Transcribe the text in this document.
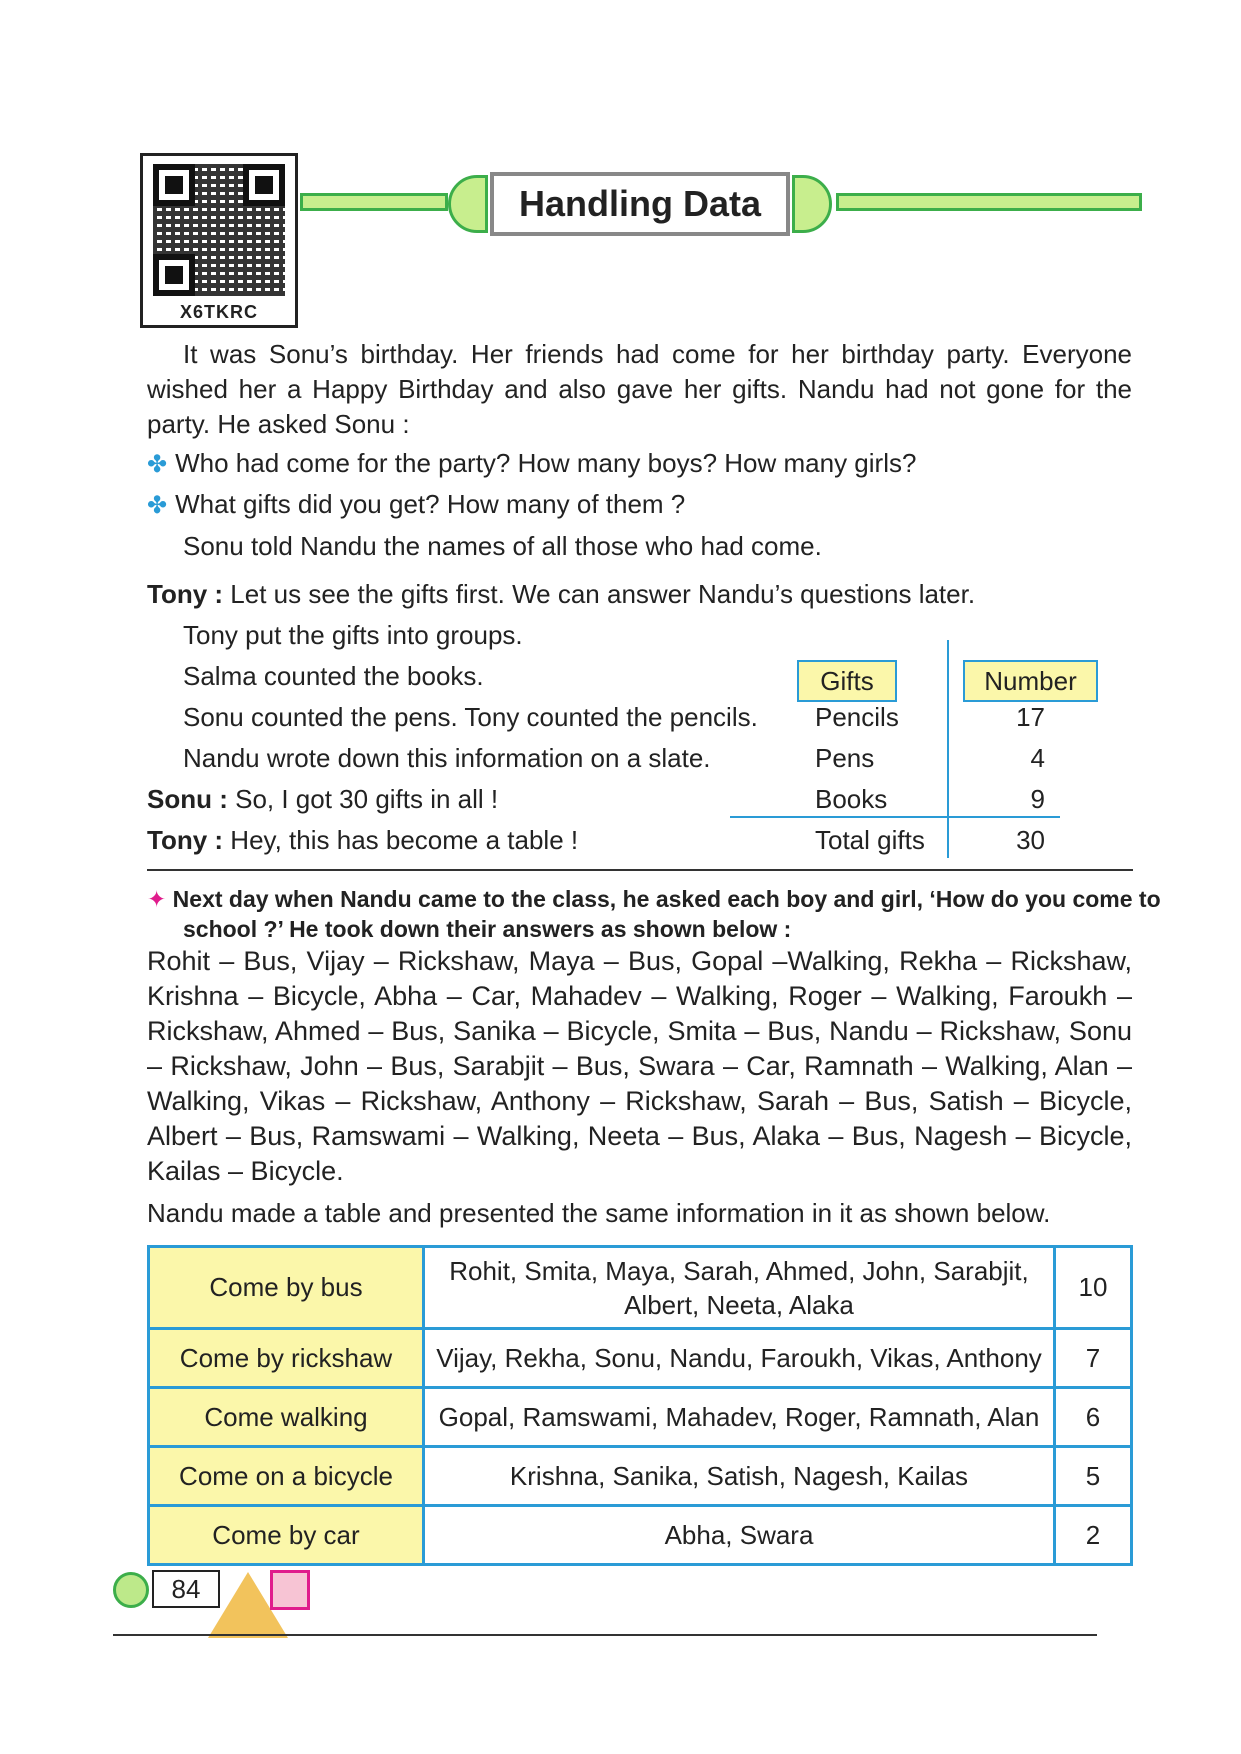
X6TKRC
Handling Data
It was Sonu’s birthday. Her friends had come for her birthday party. Everyone wished her a Happy Birthday and also gave her gifts. Nandu had not gone for the party. He asked Sonu :
✤ Who had come for the party? How many boys? How many girls?
✤ What gifts did you get? How many of them ?
Sonu told Nandu the names of all those who had come.
Tony : Let us see the gifts first. We can answer Nandu’s questions later.
Tony put the gifts into groups.
Salma counted the books.
Sonu counted the pens. Tony counted the pencils.
Nandu wrote down this information on a slate.
Sonu : So, I got 30 gifts in all !
Tony : Hey, this has become a table !
Gifts	Number
Pencils	17
Pens	4
Books	9
Total gifts	30
✦ Next day when Nandu came to the class, he asked each boy and girl, ‘How do you come to
school ?’ He took down their answers as shown below :
Rohit – Bus, Vijay – Rickshaw, Maya – Bus, Gopal –Walking, Rekha – Rickshaw, Krishna – Bicycle, Abha – Car, Mahadev – Walking, Roger – Walking, Faroukh – Rickshaw, Ahmed – Bus, Sanika – Bicycle, Smita – Bus, Nandu – Rickshaw, Sonu – Rickshaw, John – Bus, Sarabjit – Bus, Swara – Car, Ramnath – Walking, Alan – Walking, Vikas – Rickshaw, Anthony – Rickshaw, Sarah – Bus, Satish – Bicycle, Albert – Bus, Ramswami – Walking, Neeta – Bus, Alaka – Bus, Nagesh – Bicycle, Kailas – Bicycle.
Nandu made a table and presented the same information in it as shown below.
Come by bus	Rohit, Smita, Maya, Sarah, Ahmed, John, Sarabjit,
Albert, Neeta, Alaka	10
Come by rickshaw	Vijay, Rekha, Sonu, Nandu, Faroukh, Vikas, Anthony	7
Come walking	Gopal, Ramswami, Mahadev, Roger, Ramnath, Alan	6
Come on a bicycle	Krishna, Sanika, Satish, Nagesh, Kailas	5
Come by car	Abha, Swara	2
84
